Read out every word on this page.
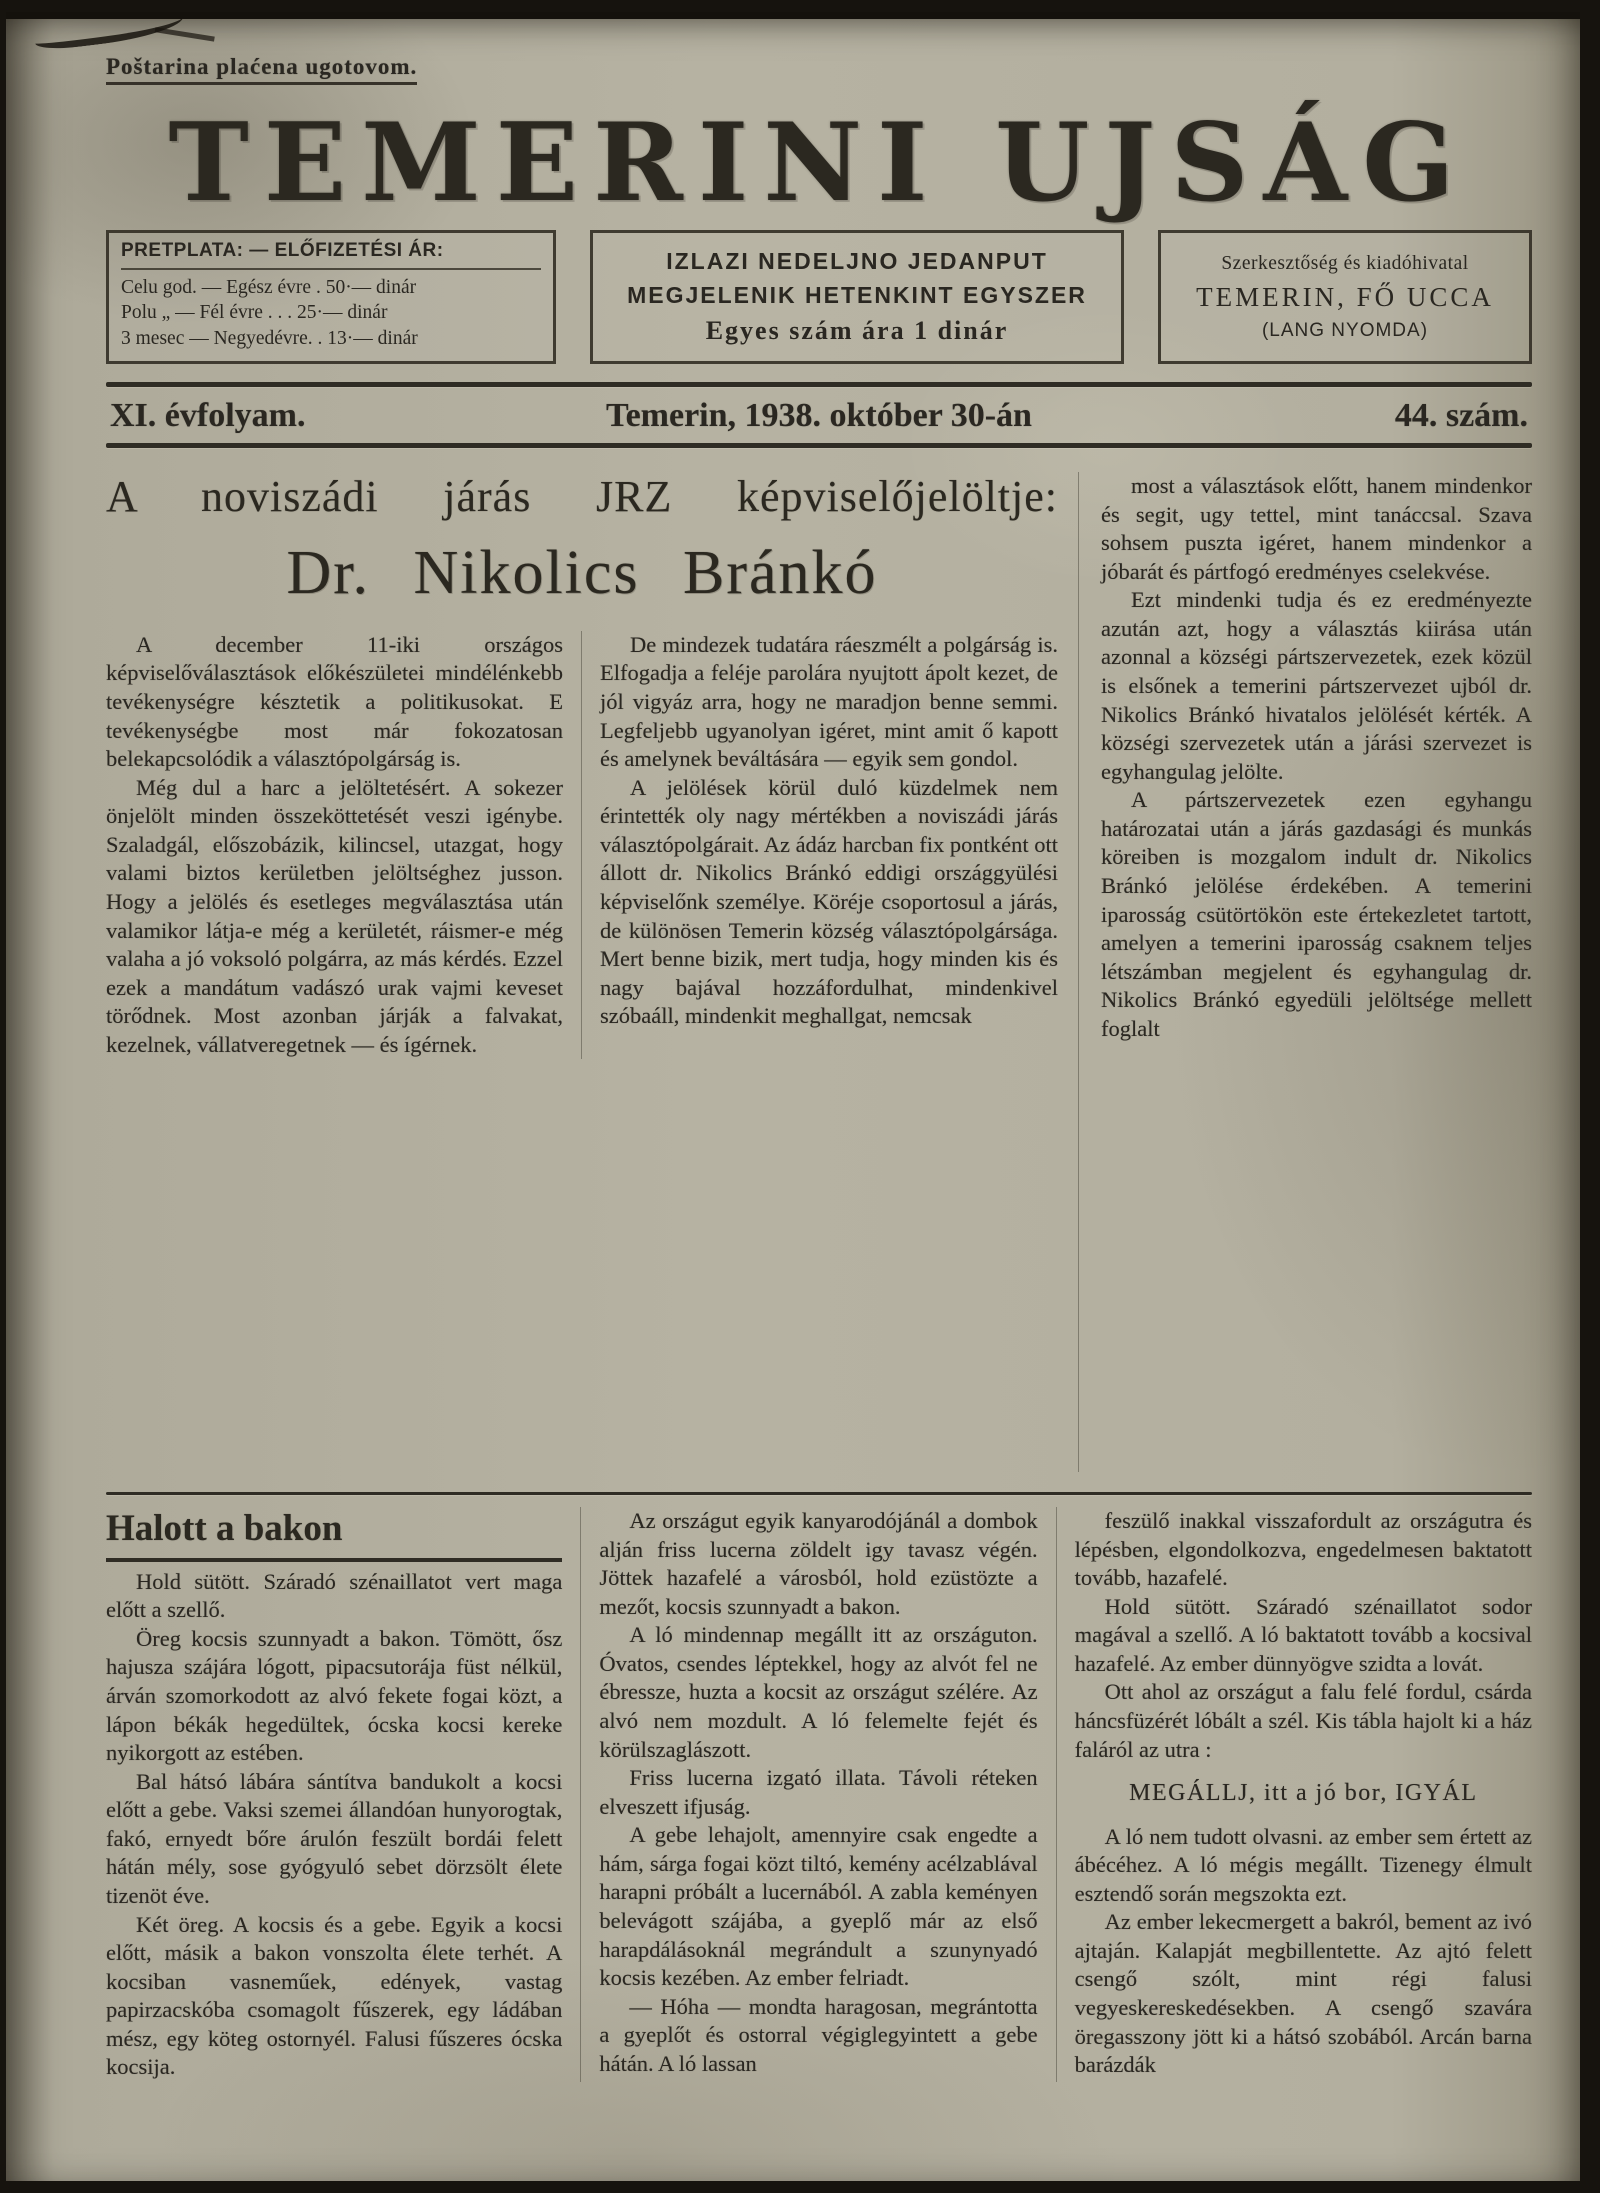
Poštarina plaćena ugotovom.
TEMERINI UJSÁG
PRETPLATA: — ELŐFIZETÉSI ÁR:
Celu god. — Egész évre . 50·— dinár
Polu „ — Fél évre . . . 25·— dinár
3 mesec — Negyedévre. . 13·— dinár
IZLAZI NEDELJNO JEDANPUT
MEGJELENIK HETENKINT EGYSZER
Egyes szám ára 1 dinár
Szerkesztőség és kiadóhivatal
TEMERIN, FŐ UCCA
(LANG NYOMDA)
XI. évfolyam.	Temerin, 1938. október 30-án	44. szám.
A noviszádi járás JRZ képviselőjelöltje:
Dr. Nikolics Bránkó

A december 11-iki országos képviselőválasztások előkészületei mindélénkebb tevékenységre késztetik a politikusokat. E tevékenységbe most már fokozatosan belekapcsolódik a választópolgárság is.

Még dul a harc a jelöltetésért. A sokezer önjelölt minden összeköttetését veszi igénybe. Szaladgál, előszobázik, kilincsel, utazgat, hogy valami biztos kerületben jelöltséghez jusson. Hogy a jelölés és esetleges megválasztása után valamikor látja-e még a kerületét, ráismer-e még valaha a jó voksoló polgárra, az más kérdés. Ezzel ezek a mandátum vadászó urak vajmi keveset törődnek. Most azonban járják a falvakat, kezelnek, vállatveregetnek — és ígérnek.

De mindezek tudatára ráeszmélt a polgárság is. Elfogadja a feléje parolára nyujtott ápolt kezet, de jól vigyáz arra, hogy ne maradjon benne semmi. Legfeljebb ugyanolyan igéret, mint amit ő kapott és amelynek beváltására — egyik sem gondol.

A jelölések körül duló küzdelmek nem érintették oly nagy mértékben a noviszádi járás választópolgárait. Az ádáz harcban fix pontként ott állott dr. Nikolics Bránkó eddigi országgyülési képviselőnk személye. Köréje csoportosul a járás, de különösen Temerin község választópolgársága. Mert benne bizik, mert tudja, hogy minden kis és nagy bajával hozzáfordulhat, mindenkivel szóbaáll, mindenkit meghallgat, nemcsak

most a választások előtt, hanem mindenkor és segit, ugy tettel, mint tanáccsal. Szava sohsem puszta igéret, hanem mindenkor a jóbarát és pártfogó eredményes cselekvése.

Ezt mindenki tudja és ez eredményezte azután azt, hogy a választás kiirása után azonnal a községi pártszervezetek, ezek közül is elsőnek a temerini pártszervezet ujból dr. Nikolics Bránkó hivatalos jelölését kérték. A községi szervezetek után a járási szervezet is egyhangulag jelölte.

A pártszervezetek ezen egyhangu határozatai után a járás gazdasági és munkás köreiben is mozgalom indult dr. Nikolics Bránkó jelölése érdekében. A temerini iparosság csütörtökön este értekezletet tartott, amelyen a temerini iparosság csaknem teljes létszámban megjelent és egyhangulag dr. Nikolics Bránkó egyedüli jelöltsége mellett foglalt

Halott a bakon

Hold sütött. Száradó szénaillatot vert maga előtt a szellő.

Öreg kocsis szunnyadt a bakon. Tömött, ősz hajusza szájára lógott, pipacsutorája füst nélkül, árván szomorkodott az alvó fekete fogai közt, a lápon békák hegedültek, ócska kocsi kereke nyikorgott az estében.

Bal hátsó lábára sántítva bandukolt a kocsi előtt a gebe. Vaksi szemei állandóan hunyorogtak, fakó, ernyedt bőre árulón feszült bordái felett hátán mély, sose gyógyuló sebet dörzsölt élete tizenöt éve.

Két öreg. A kocsis és a gebe. Egyik a kocsi előtt, másik a bakon vonszolta élete terhét. A kocsiban vasneműek, edények, vastag papirzacskóba csomagolt fűszerek, egy ládában mész, egy köteg ostornyél. Falusi fűszeres ócska kocsija.

Az országut egyik kanyarodójánál a dombok alján friss lucerna zöldelt igy tavasz végén. Jöttek hazafelé a városból, hold ezüstözte a mezőt, kocsis szunnyadt a bakon.

A ló mindennap megállt itt az országuton. Óvatos, csendes léptekkel, hogy az alvót fel ne ébressze, huzta a kocsit az országut szélére. Az alvó nem mozdult. A ló felemelte fejét és körülszaglászott.

Friss lucerna izgató illata. Távoli réteken elveszett ifjuság.

A gebe lehajolt, amennyire csak engedte a hám, sárga fogai közt tiltó, kemény acélzablával harapni próbált a lucernából. A zabla keményen belevágott szájába, a gyeplő már az első harapdálásoknál megrándult a szunynyadó kocsis kezében. Az ember felriadt.

— Hóha — mondta haragosan, megrántotta a gyeplőt és ostorral végiglegyintett a gebe hátán. A ló lassan

feszülő inakkal visszafordult az országutra és lépésben, elgondolkozva, engedelmesen baktatott tovább, hazafelé.

Hold sütött. Száradó szénaillatot sodor magával a szellő. A ló baktatott tovább a kocsival hazafelé. Az ember dünnyögve szidta a lovát.

Ott ahol az országut a falu felé fordul, csárda háncsfüzérét lóbált a szél. Kis tábla hajolt ki a ház faláról az utra :

MEGÁLLJ, itt a jó bor, IGYÁL

A ló nem tudott olvasni. az ember sem értett az ábécéhez. A ló mégis megállt. Tizenegy élmult esztendő során megszokta ezt.

Az ember lekecmergett a bakról, bement az ivó ajtaján. Kalapját megbillentette. Az ajtó felett csengő szólt, mint régi falusi vegyeskereskedésekben. A csengő szavára öregasszony jött ki a hátsó szobából. Arcán barna barázdák
